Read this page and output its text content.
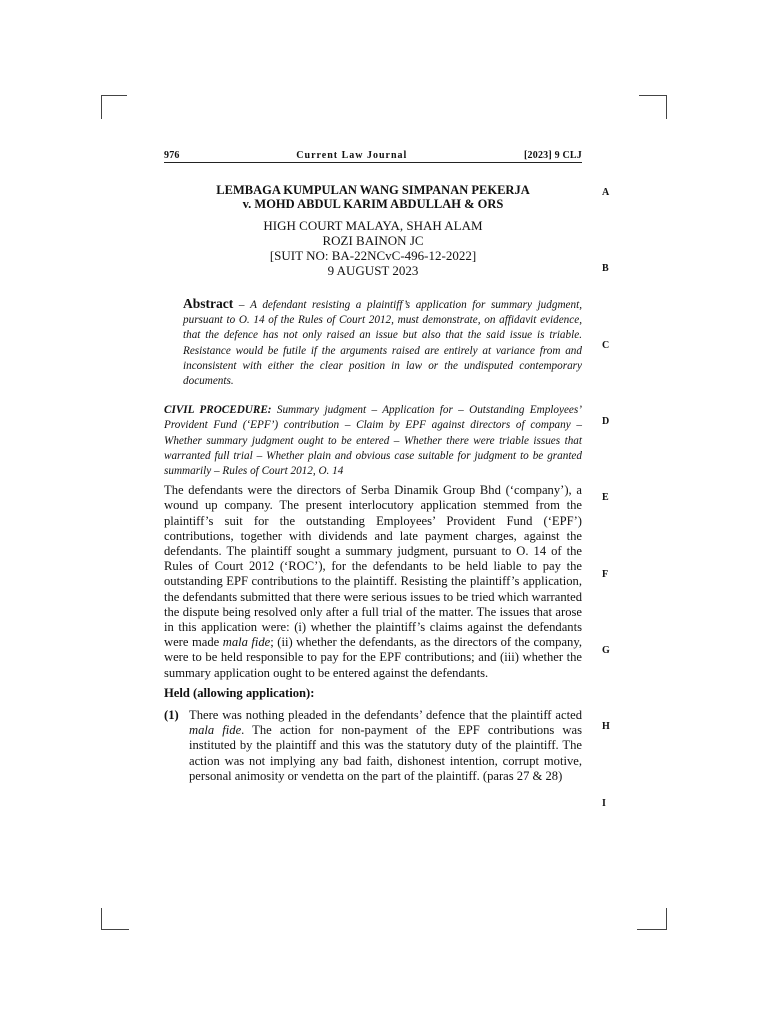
976	Current Law Journal	[2023] 9 CLJ
LEMBAGA KUMPULAN WANG SIMPANAN PEKERJA
v. MOHD ABDUL KARIM ABDULLAH & ORS
HIGH COURT MALAYA, SHAH ALAM
ROZI BAINON JC
[SUIT NO: BA-22NCvC-496-12-2022]
9 AUGUST 2023
Abstract – A defendant resisting a plaintiff’s application for summary judgment, pursuant to O. 14 of the Rules of Court 2012, must demonstrate, on affidavit evidence, that the defence has not only raised an issue but also that the said issue is triable. Resistance would be futile if the arguments raised are entirely at variance from and inconsistent with either the clear position in law or the undisputed contemporary documents.
CIVIL PROCEDURE: Summary judgment – Application for – Outstanding Employees’ Provident Fund (‘EPF’) contribution – Claim by EPF against directors of company – Whether summary judgment ought to be entered – Whether there were triable issues that warranted full trial – Whether plain and obvious case suitable for judgment to be granted summarily – Rules of Court 2012, O. 14
The defendants were the directors of Serba Dinamik Group Bhd (‘company’), a wound up company. The present interlocutory application stemmed from the plaintiff’s suit for the outstanding Employees’ Provident Fund (‘EPF’) contributions, together with dividends and late payment charges, against the defendants. The plaintiff sought a summary judgment, pursuant to O. 14 of the Rules of Court 2012 (‘ROC’), for the defendants to be held liable to pay the outstanding EPF contributions to the plaintiff. Resisting the plaintiff’s application, the defendants submitted that there were serious issues to be tried which warranted the dispute being resolved only after a full trial of the matter. The issues that arose in this application were: (i) whether the plaintiff’s claims against the defendants were made mala fide; (ii) whether the defendants, as the directors of the company, were to be held responsible to pay for the EPF contributions; and (iii) whether the summary application ought to be entered against the defendants.
Held (allowing application):
(1) There was nothing pleaded in the defendants’ defence that the plaintiff acted mala fide. The action for non-payment of the EPF contributions was instituted by the plaintiff and this was the statutory duty of the plaintiff. The action was not implying any bad faith, dishonest intention, corrupt motive, personal animosity or vendetta on the part of the plaintiff. (paras 27 & 28)
A
B
C
D
E
F
G
H
I
